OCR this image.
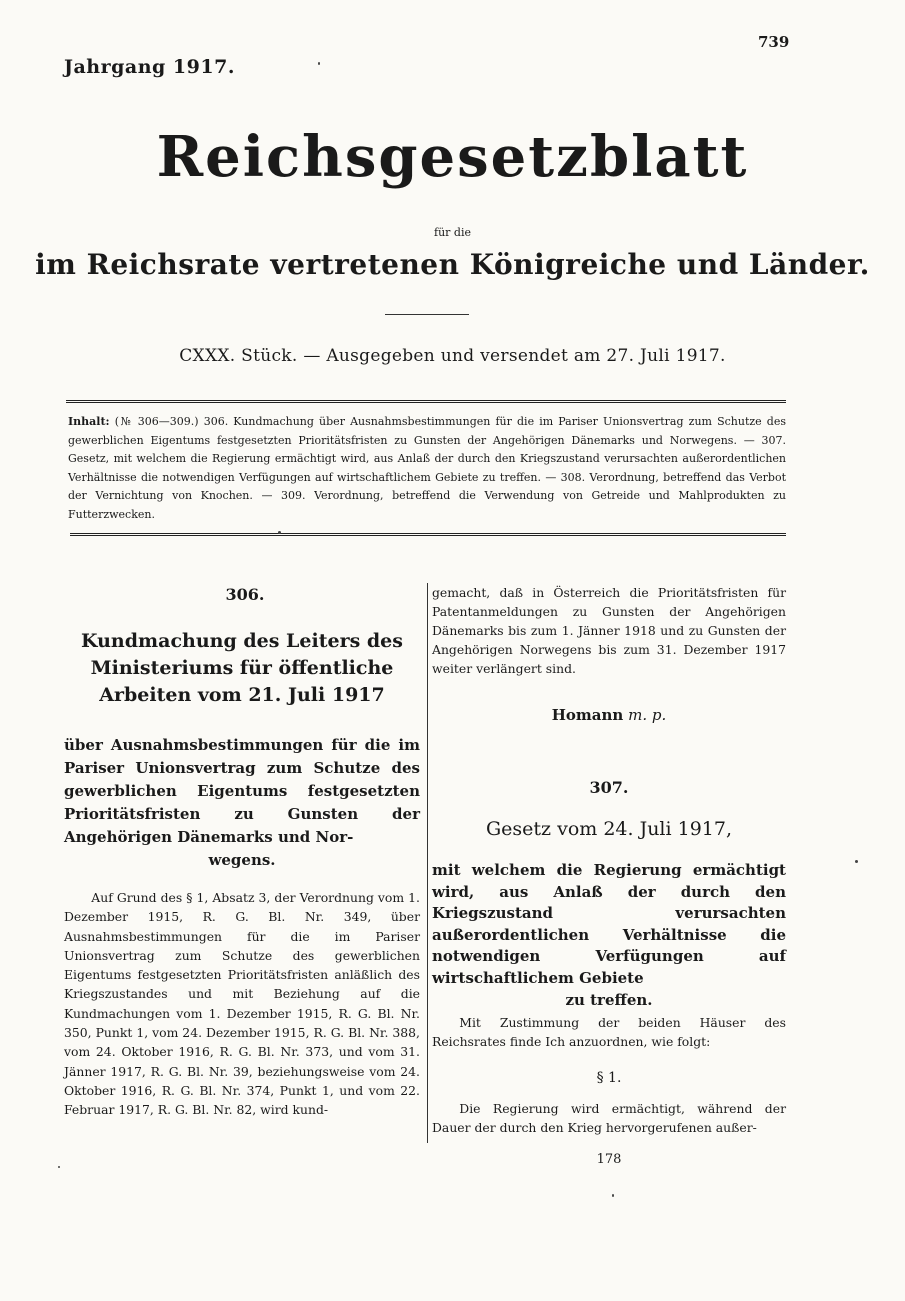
Jahrgang 1917.
739
Reichsgesetzblatt
für die
im Reichsrate vertretenen Königreiche und Länder.
CXXX. Stück. — Ausgegeben und versendet am 27. Juli 1917.
Inhalt: (№ 306—309.) 306. Kundmachung über Ausnahmsbestimmungen für die im Pariser Unionsvertrag zum Schutze des gewerblichen Eigentums festgesetzten Prioritätsfristen zu Gunsten der Angehörigen Dänemarks und Norwegens. — 307. Gesetz, mit welchem die Regierung ermächtigt wird, aus Anlaß der durch den Kriegszustand verursachten außerordentlichen Verhältnisse die notwendigen Verfügungen auf wirtschaftlichem Gebiete zu treffen. — 308. Verordnung, betreffend das Verbot der Vernichtung von Knochen. — 309. Verordnung, betreffend die Verwendung von Getreide und Mahlprodukten zu Futterzwecken.
306.
Kundmachung des Leiters des Ministeriums für öffentliche Arbeiten vom 21. Juli 1917
über Ausnahmsbestimmungen für die im Pariser Unionsvertrag zum Schutze des gewerblichen Eigentums festgesetzten Prioritätsfristen zu Gunsten der Angehörigen Dänemarks und Nor-
wegens.
Auf Grund des § 1, Absatz 3, der Verordnung vom 1. Dezember 1915, R. G. Bl. Nr. 349, über Ausnahmsbestimmungen für die im Pariser Unionsvertrag zum Schutze des gewerblichen Eigentums festgesetzten Prioritätsfristen anläßlich des Kriegszustandes und mit Beziehung auf die Kundmachungen vom 1. Dezember 1915, R. G. Bl. Nr. 350, Punkt 1, vom 24. Dezember 1915, R. G. Bl. Nr. 388, vom 24. Oktober 1916, R. G. Bl. Nr. 373, und vom 31. Jänner 1917, R. G. Bl. Nr. 39, beziehungsweise vom 24. Oktober 1916, R. G. Bl. Nr. 374, Punkt 1, und vom 22. Februar 1917, R. G. Bl. Nr. 82, wird kund-
gemacht, daß in Österreich die Prioritätsfristen für Patentanmeldungen zu Gunsten der Angehörigen Dänemarks bis zum 1. Jänner 1918 und zu Gunsten der Angehörigen Norwegens bis zum 31. Dezember 1917 weiter verlängert sind.
Homann m. p.
307.
Gesetz vom 24. Juli 1917,
mit welchem die Regierung ermächtigt wird, aus Anlaß der durch den Kriegszustand verursachten außerordentlichen Verhältnisse die notwendigen Verfügungen auf wirtschaftlichem Gebiete
zu treffen.
Mit Zustimmung der beiden Häuser des Reichsrates finde Ich anzuordnen, wie folgt:
§ 1.
Die Regierung wird ermächtigt, während der Dauer der durch den Krieg hervorgerufenen außer-
178
